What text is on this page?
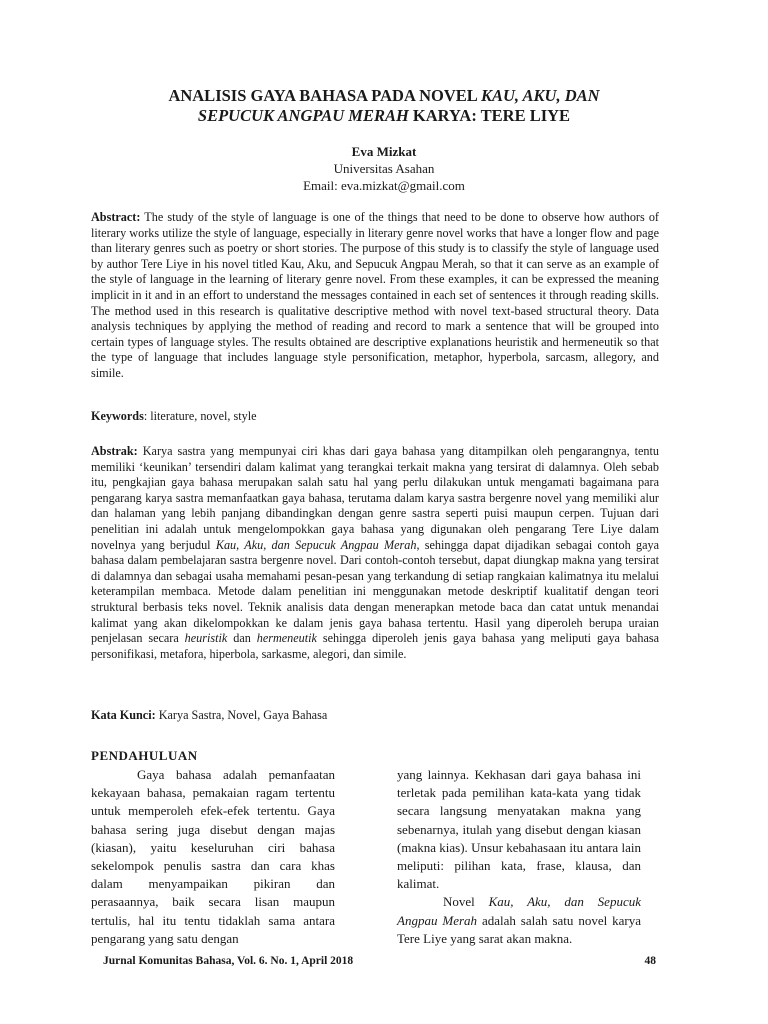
ANALISIS GAYA BAHASA PADA NOVEL KAU, AKU, DAN
SEPUCUK ANGPAU MERAH KARYA: TERE LIYE
Eva Mizkat
Universitas Asahan
Email: eva.mizkat@gmail.com

Abstract: The study of the style of language is one of the things that need to be done to observe how authors of literary works utilize the style of language, especially in literary genre novel works that have a longer flow and page than literary genres such as poetry or short stories. The purpose of this study is to classify the style of language used by author Tere Liye in his novel titled Kau, Aku, and Sepucuk Angpau Merah, so that it can serve as an example of the style of language in the learning of literary genre novel. From these examples, it can be expressed the meaning implicit in it and in an effort to understand the messages contained in each set of sentences it through reading skills. The method used in this research is qualitative descriptive method with novel text-based structural theory. Data analysis techniques by applying the method of reading and record to mark a sentence that will be grouped into certain types of language styles. The results obtained are descriptive explanations heuristik and hermeneutik so that the type of language that includes language style personification, metaphor, hyperbola, sarcasm, allegory, and simile.

Keywords: literature, novel, style

Abstrak: Karya sastra yang mempunyai ciri khas dari gaya bahasa yang ditampilkan oleh pengarangnya, tentu memiliki ‘keunikan’ tersendiri dalam kalimat yang terangkai terkait makna yang tersirat di dalamnya. Oleh sebab itu, pengkajian gaya bahasa merupakan salah satu hal yang perlu dilakukan untuk mengamati bagaimana para pengarang karya sastra memanfaatkan gaya bahasa, terutama dalam karya sastra bergenre novel yang memiliki alur dan halaman yang lebih panjang dibandingkan dengan genre sastra seperti puisi maupun cerpen. Tujuan dari penelitian ini adalah untuk mengelompokkan gaya bahasa yang digunakan oleh pengarang Tere Liye dalam novelnya yang berjudul Kau, Aku, dan Sepucuk Angpau Merah, sehingga dapat dijadikan sebagai contoh gaya bahasa dalam pembelajaran sastra bergenre novel. Dari contoh-contoh tersebut, dapat diungkap makna yang tersirat di dalamnya dan sebagai usaha memahami pesan-pesan yang terkandung di setiap rangkaian kalimatnya itu melalui keterampilan membaca. Metode dalam penelitian ini menggunakan metode deskriptif kualitatif dengan teori struktural berbasis teks novel. Teknik analisis data dengan menerapkan metode baca dan catat untuk menandai kalimat yang akan dikelompokkan ke dalam jenis gaya bahasa tertentu. Hasil yang diperoleh berupa uraian penjelasan secara heuristik dan hermeneutik sehingga diperoleh jenis gaya bahasa yang meliputi gaya bahasa personifikasi, metafora, hiperbola, sarkasme, alegori, dan simile.

Kata Kunci: Karya Sastra, Novel, Gaya Bahasa

PENDAHULUAN

Gaya bahasa adalah pemanfaatan kekayaan bahasa, pemakaian ragam tertentu untuk memperoleh efek-efek tertentu. Gaya bahasa sering juga disebut dengan majas (kiasan), yaitu keseluruhan ciri bahasa sekelompok penulis sastra dan cara khas dalam menyampaikan pikiran dan perasaannya, baik secara lisan maupun tertulis, hal itu tentu tidaklah sama antara pengarang yang satu dengan

yang lainnya. Kekhasan dari gaya bahasa ini terletak pada pemilihan kata-kata yang tidak secara langsung menyatakan makna yang sebenarnya, itulah yang disebut dengan kiasan (makna kias). Unsur kebahasaan itu antara lain meliputi: pilihan kata, frase, klausa, dan kalimat.

Novel Kau, Aku, dan Sepucuk Angpau Merah adalah salah satu novel karya Tere Liye yang sarat akan makna.

Jurnal Komunitas Bahasa, Vol. 6. No. 1, April 2018	48
